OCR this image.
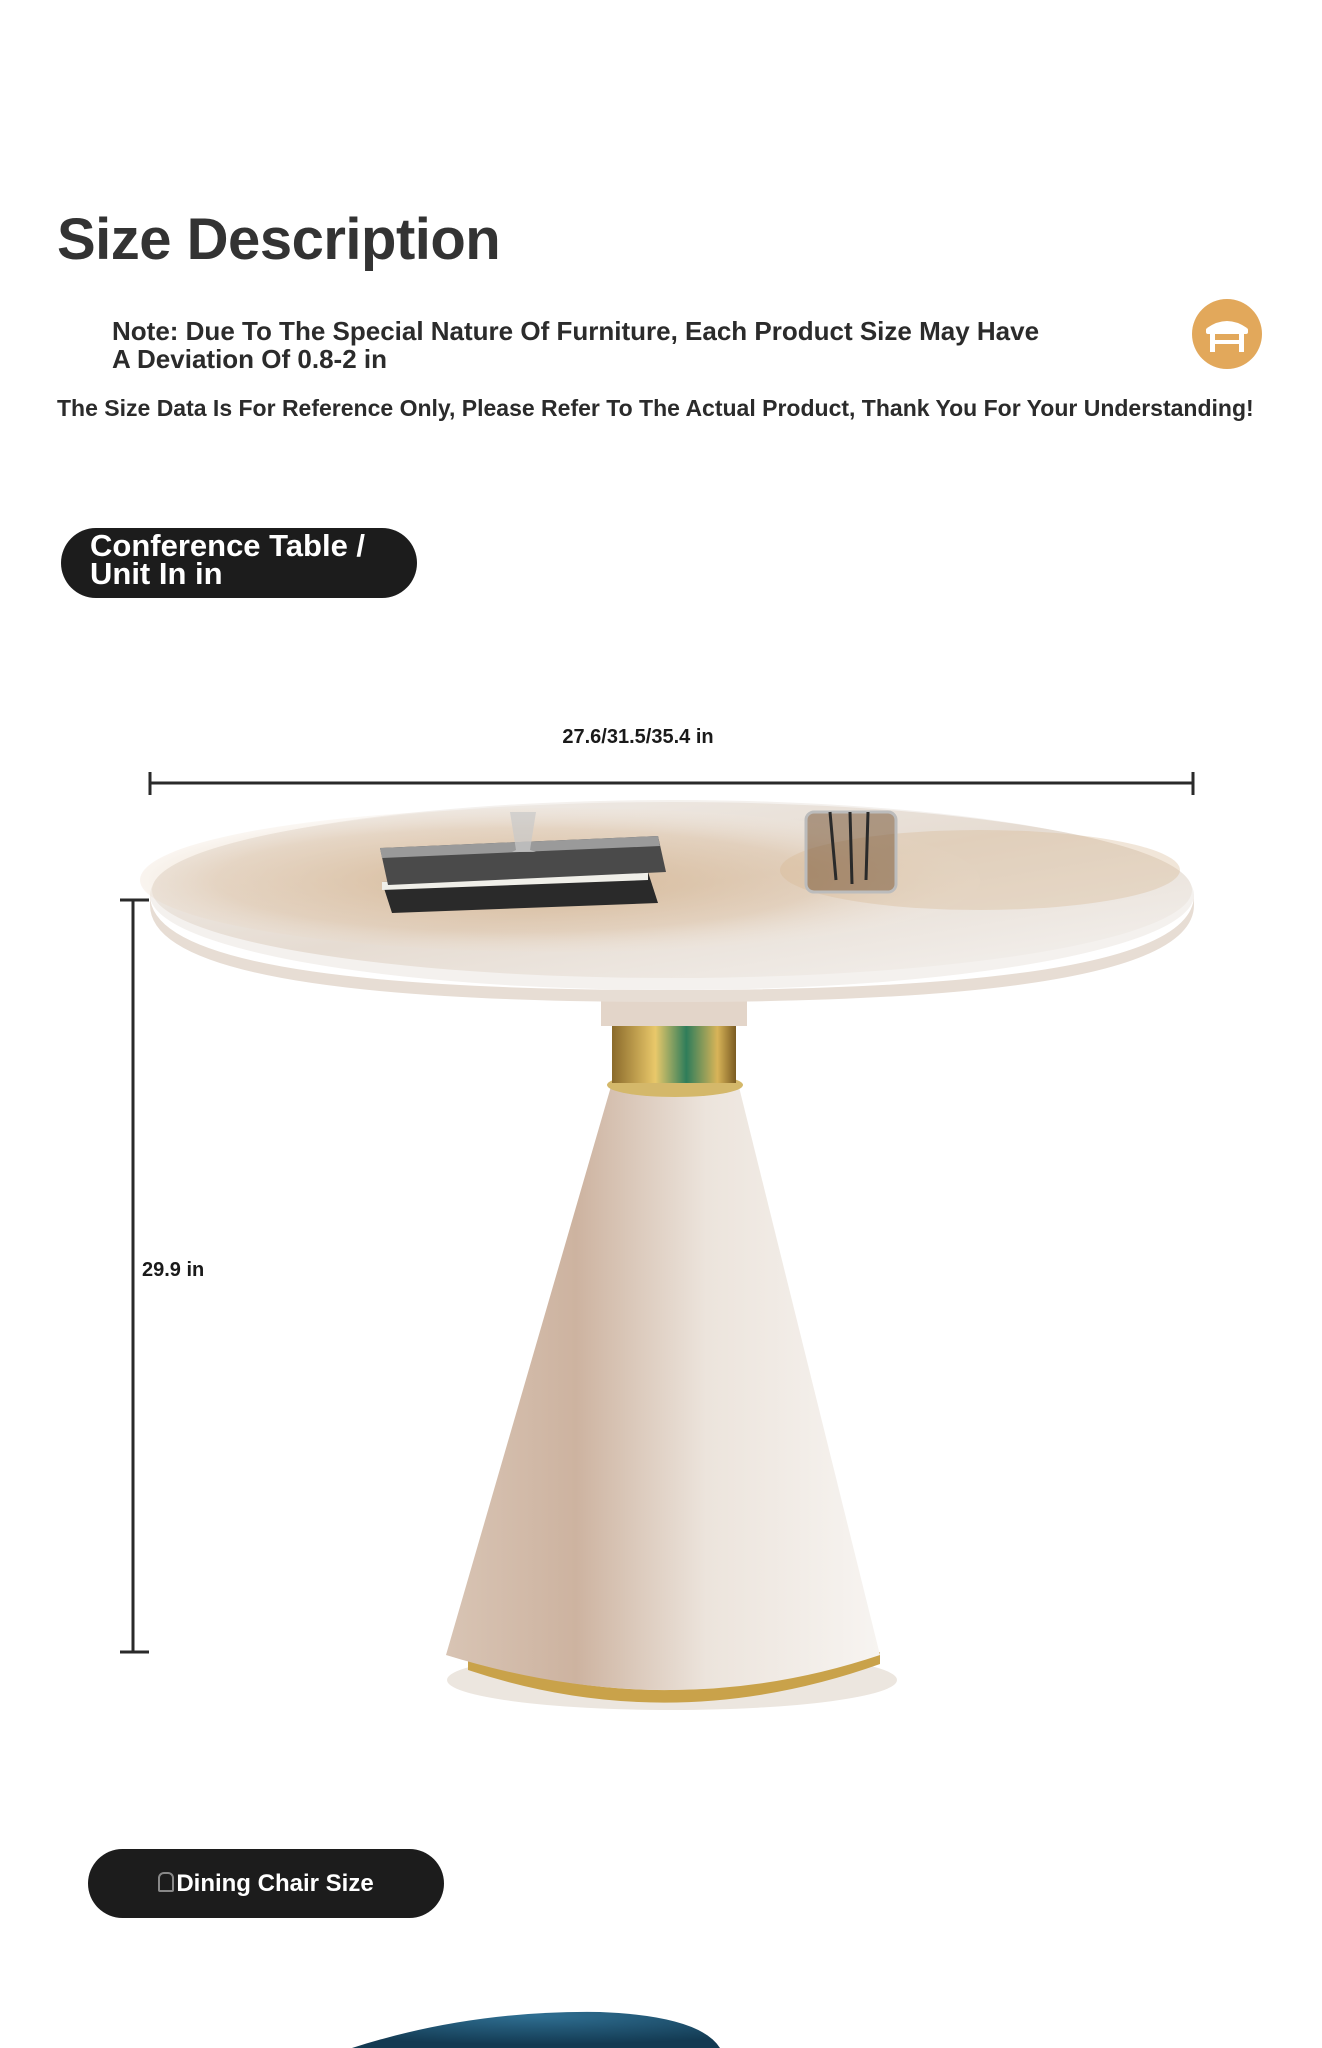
Size Description
Note: Due To The Special Nature Of Furniture, Each Product Size May Have A Deviation Of 0.8-2 in
The Size Data Is For Reference Only, Please Refer To The Actual Product, Thank You For Your Understanding!
Conference Table / Unit In in
27.6/31.5/35.4 in
29.9 in
Dining Chair Size
